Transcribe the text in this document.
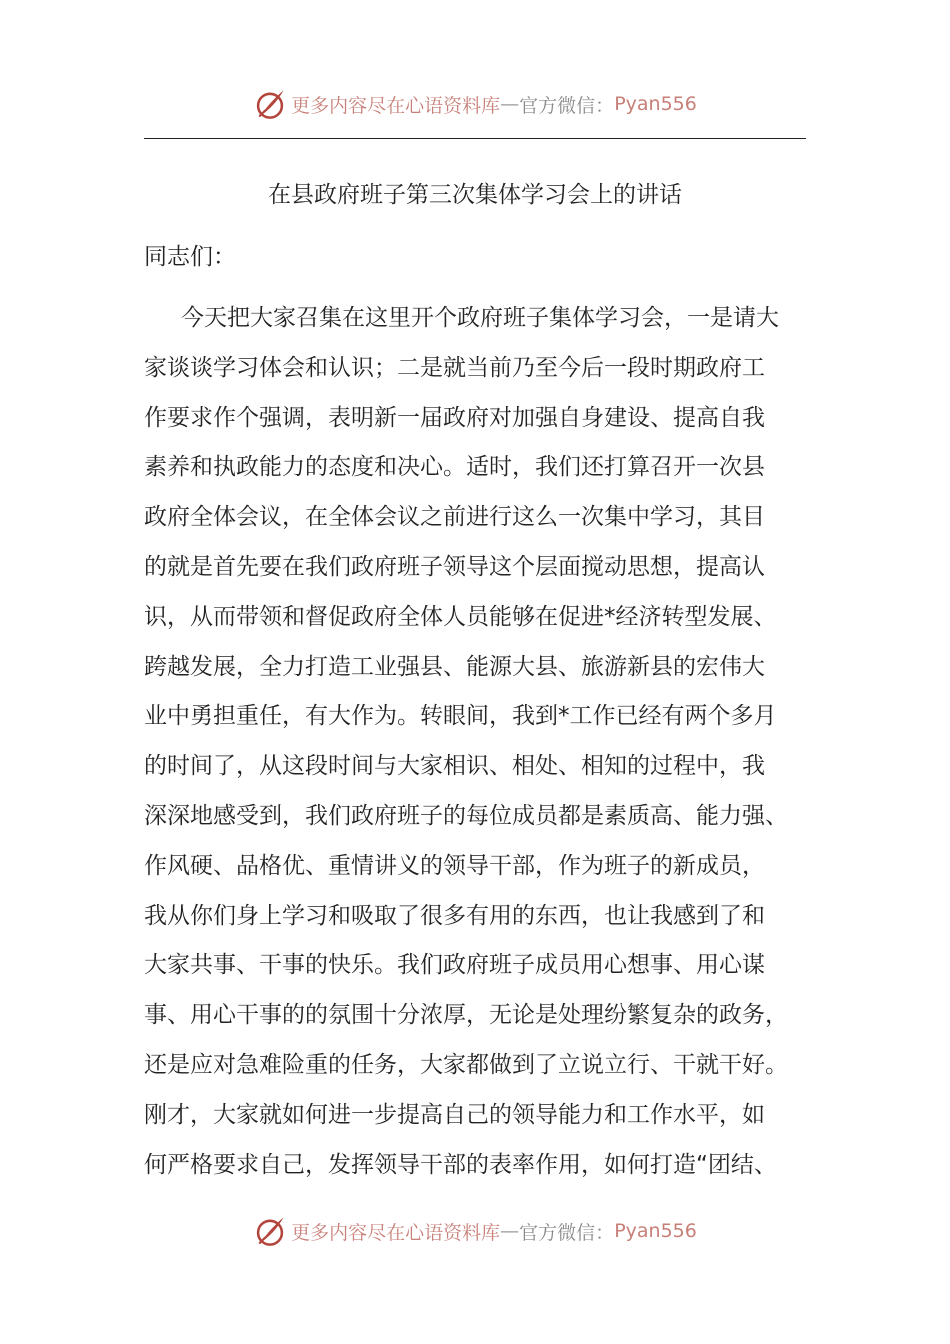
更多内容尽在心语资料库 — 官方微信： Pyan556
在县政府班子第三次集体学习会上的讲话

同志们：

今天把大家召集在这里开个政府班子集体学习会，一是请大
家谈谈学习体会和认识；二是就当前乃至今后一段时期政府工
作要求作个强调，表明新一届政府对加强自身建设、提高自我
素养和执政能力的态度和决心。适时，我们还打算召开一次县
政府全体会议，在全体会议之前进行这么一次集中学习，其目
的就是首先要在我们政府班子领导这个层面搅动思想，提高认
识，从而带领和督促政府全体人员能够在促进*经济转型发展、
跨越发展，全力打造工业强县、能源大县、旅游新县的宏伟大
业中勇担重任，有大作为。转眼间，我到*工作已经有两个多月
的时间了，从这段时间与大家相识、相处、相知的过程中，我
深深地感受到，我们政府班子的每位成员都是素质高、能力强、
作风硬、品格优、重情讲义的领导干部，作为班子的新成员，
我从你们身上学习和吸取了很多有用的东西，也让我感到了和
大家共事、干事的快乐。我们政府班子成员用心想事、用心谋
事、用心干事的的氛围十分浓厚，无论是处理纷繁复杂的政务，
还是应对急难险重的任务，大家都做到了立说立行、干就干好。
刚才，大家就如何进一步提高自己的领导能力和工作水平，如
何严格要求自己，发挥领导干部的表率作用，如何打造“团结、
更多内容尽在心语资料库 — 官方微信： Pyan556
